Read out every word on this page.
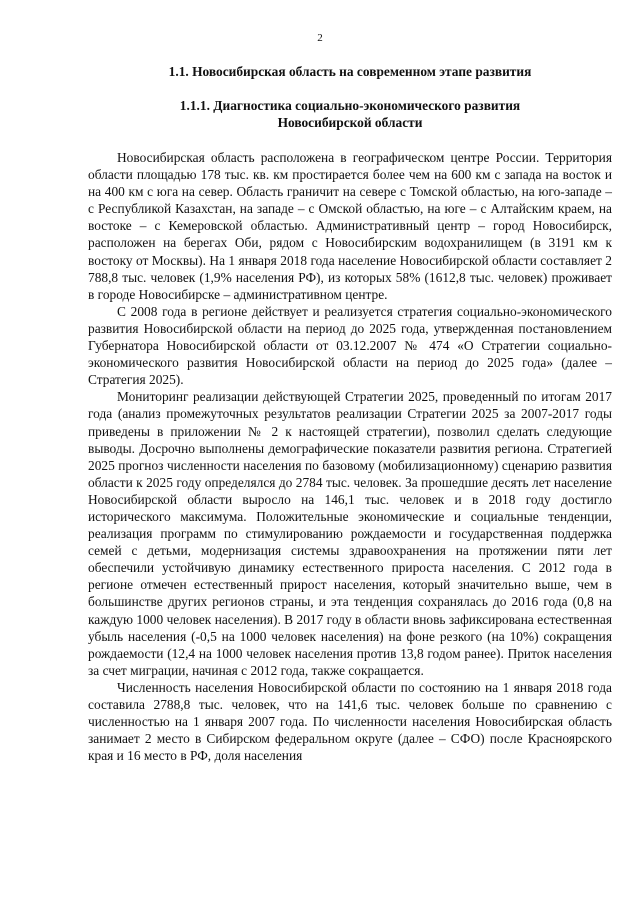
2
1.1. Новосибирская область на современном этапе развития
1.1.1. Диагностика социально-экономического развития
Новосибирской области

Новосибирская область расположена в географическом центре России. Территория области площадью 178 тыс. кв. км простирается более чем на 600 км с запада на восток и на 400 км с юга на север. Область граничит на севере с Томской областью, на юго-западе – с Республикой Казахстан, на западе – с Омской областью, на юге – с Алтайским краем, на востоке – с Кемеровской областью. Административный центр – город Новосибирск, расположен на берегах Оби, рядом с Новосибирским водохранилищем (в 3191 км к востоку от Москвы). На 1 января 2018 года население Новосибирской области составляет 2 788,8 тыс. человек (1,9% населения РФ), из которых 58% (1612,8 тыс. человек) проживает в городе Новосибирске – административном центре.

С 2008 года в регионе действует и реализуется стратегия социально-экономического развития Новосибирской области на период до 2025 года, утвержденная постановлением Губернатора Новосибирской области от 03.12.2007 № 474 «О Стратегии социально-экономического развития Новосибирской области на период до 2025 года» (далее – Стратегия 2025).

Мониторинг реализации действующей Стратегии 2025, проведенный по итогам 2017 года (анализ промежуточных результатов реализации Стратегии 2025 за 2007-2017 годы приведены в приложении № 2 к настоящей стратегии), позволил сделать следующие выводы. Досрочно выполнены демографические показатели развития региона. Стратегией 2025 прогноз численности населения по базовому (мобилизационному) сценарию развития области к 2025 году определялся до 2784 тыс. человек. За прошедшие десять лет население Новосибирской области выросло на 146,1 тыс. человек и в 2018 году достигло исторического максимума. Положительные экономические и социальные тенденции, реализация программ по стимулированию рождаемости и государственная поддержка семей с детьми, модернизация системы здравоохранения на протяжении пяти лет обеспечили устойчивую динамику естественного прироста населения. С 2012 года в регионе отмечен естественный прирост населения, который значительно выше, чем в большинстве других регионов страны, и эта тенденция сохранялась до 2016 года (0,8 на каждую 1000 человек населения). В 2017 году в области вновь зафиксирована естественная убыль населения (-0,5 на 1000 человек населения) на фоне резкого (на 10%) сокращения рождаемости (12,4 на 1000 человек населения против 13,8 годом ранее). Приток населения за счет миграции, начиная с 2012 года, также сокращается.

Численность населения Новосибирской области по состоянию на 1 января 2018 года составила 2788,8 тыс. человек, что на 141,6 тыс. человек больше по сравнению с численностью на 1 января 2007 года. По численности населения Новосибирская область занимает 2 место в Сибирском федеральном округе (далее – СФО) после Красноярского края и 16 место в РФ, доля населения
